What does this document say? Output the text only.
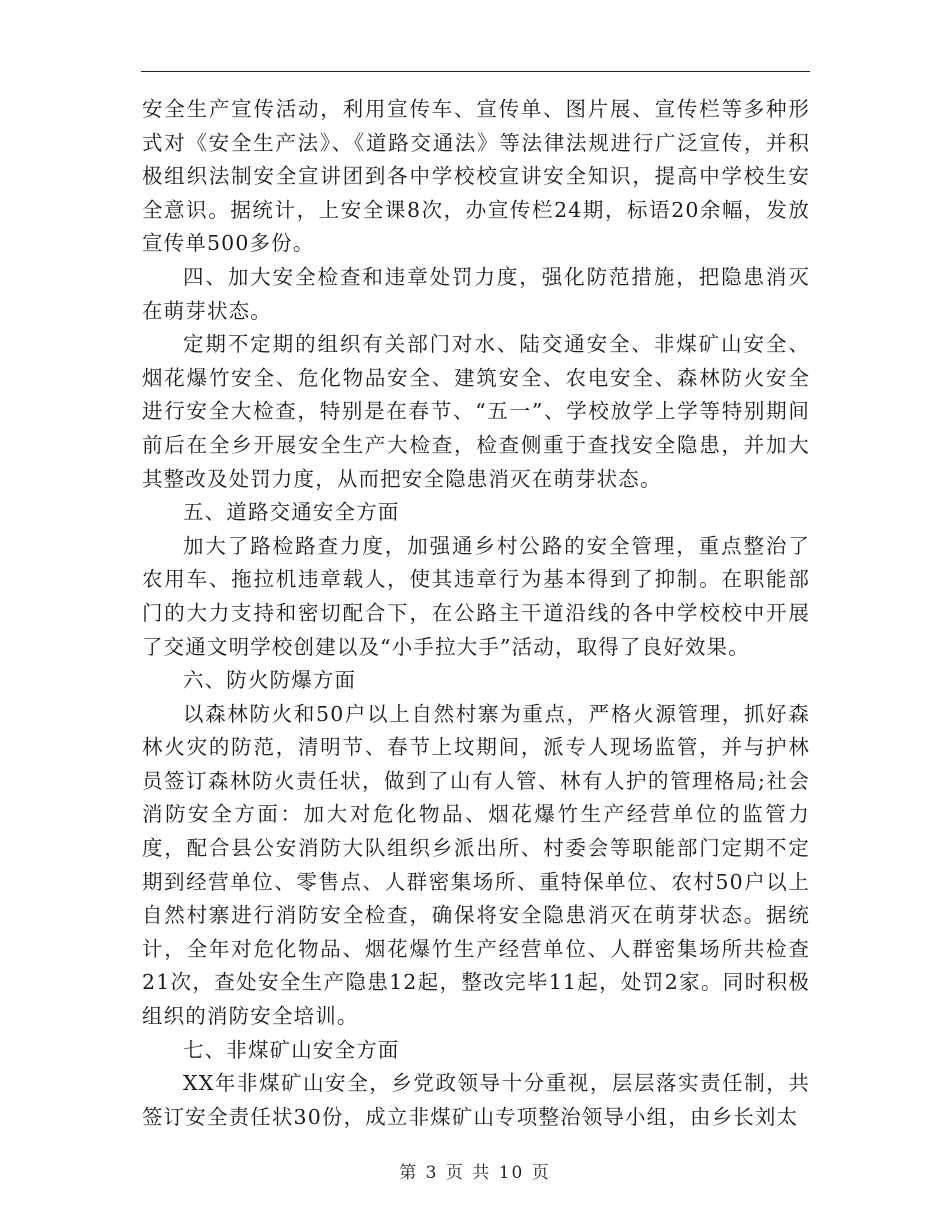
安全生产宣传活动，利用宣传车、宣传单、图片展、宣传栏等多种形式对《安全生产法》、《道路交通法》等法律法规进行广泛宣传，并积极组织法制安全宣讲团到各中学校校宣讲安全知识，提高中学校生安全意识。据统计，上安全课8次，办宣传栏24期，标语20余幅，发放宣传单500多份。

四、加大安全检查和违章处罚力度，强化防范措施，把隐患消灭在萌芽状态。

定期不定期的组织有关部门对水、陆交通安全、非煤矿山安全、烟花爆竹安全、危化物品安全、建筑安全、农电安全、森林防火安全进行安全大检查，特别是在春节、“五一”、学校放学上学等特别期间前后在全乡开展安全生产大检查，检查侧重于查找安全隐患，并加大其整改及处罚力度，从而把安全隐患消灭在萌芽状态。

五、道路交通安全方面

加大了路检路查力度，加强通乡村公路的安全管理，重点整治了农用车、拖拉机违章载人，使其违章行为基本得到了抑制。在职能部门的大力支持和密切配合下，在公路主干道沿线的各中学校校中开展了交通文明学校创建以及“小手拉大手”活动，取得了良好效果。

六、防火防爆方面

以森林防火和50户以上自然村寨为重点，严格火源管理，抓好森林火灾的防范，清明节、春节上坟期间，派专人现场监管，并与护林员签订森林防火责任状，做到了山有人管、林有人护的管理格局;社会消防安全方面：加大对危化物品、烟花爆竹生产经营单位的监管力度，配合县公安消防大队组织乡派出所、村委会等职能部门定期不定期到经营单位、零售点、人群密集场所、重特保单位、农村50户以上自然村寨进行消防安全检查，确保将安全隐患消灭在萌芽状态。据统计，全年对危化物品、烟花爆竹生产经营单位、人群密集场所共检查21次，查处安全生产隐患12起，整改完毕11起，处罚2家。同时积极组织的消防安全培训。

七、非煤矿山安全方面

XX年非煤矿山安全，乡党政领导十分重视，层层落实责任制，共签订安全责任状30份，成立非煤矿山专项整治领导小组，由乡长刘太

第 3 页 共 10 页
